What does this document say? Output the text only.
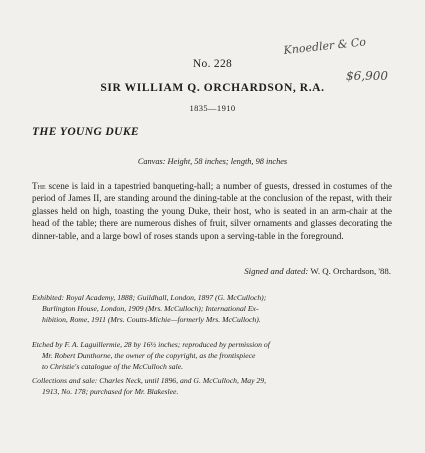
Knoedler & Co
$6,900
No. 228
SIR WILLIAM Q. ORCHARDSON, R.A.
1835—1910
THE YOUNG DUKE
Canvas: Height, 58 inches; length, 98 inches
The scene is laid in a tapestried banqueting-hall; a number of guests, dressed in costumes of the period of James II, are standing around the dining-table at the conclusion of the repast, with their glasses held on high, toasting the young Duke, their host, who is seated in an arm-chair at the head of the table; there are numerous dishes of fruit, silver ornaments and glasses decorating the dinner-table, and a large bowl of roses stands upon a serving-table in the foreground.
Signed and dated: W. Q. Orchardson, '88.
Exhibited: Royal Academy, 1888; Guildhall, London, 1897 (G. McCulloch);
Burlington House, London, 1909 (Mrs. McCulloch); International Ex-
hibition, Rome, 1911 (Mrs. Coutts-Michie—formerly Mrs. McCulloch).
Etched by F. A. Laguillermie, 28 by 16½ inches; reproduced by permission of
Mr. Robert Dunthorne, the owner of the copyright, as the frontispiece
to Christie's catalogue of the McCulloch sale.
Collections and sale: Charles Neck, until 1896, and G. McCulloch, May 29,
1913, No. 178; purchased for Mr. Blakeslee.
